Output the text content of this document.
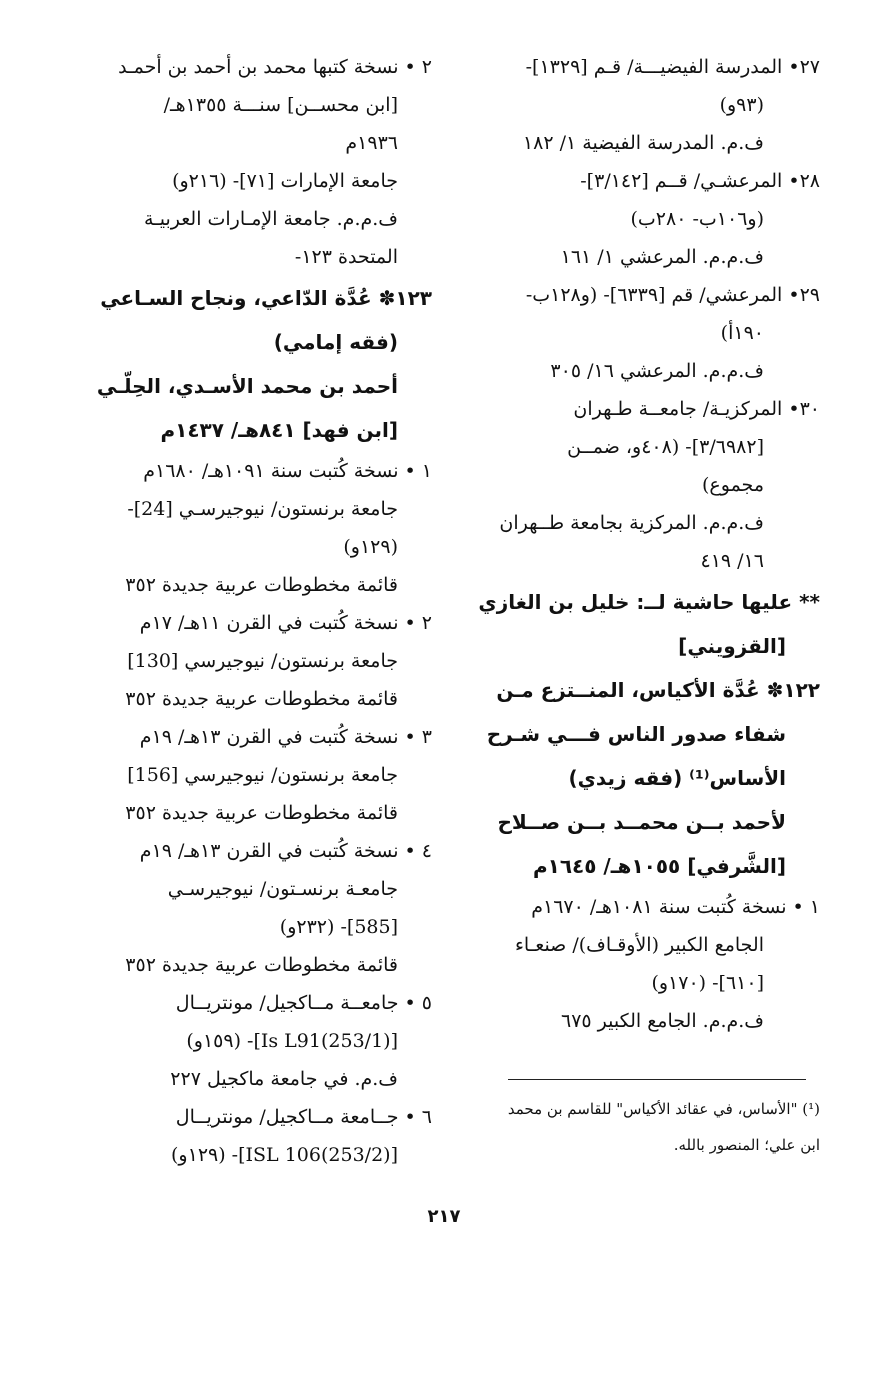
٢٧• المدرسة الفيضيـــة/ قـم [١٣٢٩]-
(٩٣و)
ف.م. المدرسة الفيضية ١/ ١٨٢
٢٨• المرعشـي/ قــم [٣/١٤٢]-
(و١٠٦ب- ٢٨٠ب)
ف.م.م. المرعشي ١/ ١٦١
٢٩• المرعشي/ قم [٦٣٣٩]- (و١٢٨ب-
١٩٠أ)
ف.م.م. المرعشي ١٦/ ٣٠٥
٣٠• المركزيـة/ جامعــة طـهران
[٣/٦٩٨٢]- (٤٠٨و، ضمــن
مجموع)
ف.م.م. المركزية بجامعة طــهران
١٦/ ٤١٩
** عليها حاشية لــ: خليل بن الغازي
[القزويني]
١٢٢✽ عُدَّة الأكياس، المنــتزع مـن
شفاء صدور الناس فـــي شـرح
الأساس⁽¹⁾ (فقه زيدي)
لأحمد بــن محمــد بــن صــلاح
[الشَّرفي] ١٠٥٥هـ/ ١٦٤٥م
١ • نسخة كُتبت سنة ١٠٨١هـ/ ١٦٧٠م
الجامع الكبير (الأوقـاف)/ صنعـاء
[٦١٠]- (١٧٠و)
ف.م.م. الجامع الكبير ٦٧٥
٢ • نسخة كتبها محمد بن أحمد بن أحمـد
[ابن محســن] سنـــة ١٣٥٥هـ/
١٩٣٦م
جامعة الإمارات [٧١]- (٢١٦و)
ف.م.م. جامعة الإمـارات العربيـة
المتحدة ١٢٣-
١٢٣✽ عُدَّة الدّاعي، ونجاح السـاعي
(فقه إمامي)
أحمد بن محمد الأسـدي، الحِلّـي
[ابن فهد] ٨٤١هـ/ ١٤٣٧م
١ • نسخة كُتبت سنة ١٠٩١هـ/ ١٦٨٠م
جامعة برنستون/ نيوجيرسـي [24]-
(١٢٩و)
قائمة مخطوطات عربية جديدة ٣٥٢
٢ • نسخة كُتبت في القرن ١١هـ/ ١٧م
جامعة برنستون/ نيوجيرسي [130]
قائمة مخطوطات عربية جديدة ٣٥٢
٣ • نسخة كُتبت في القرن ١٣هـ/ ١٩م
جامعة برنستون/ نيوجيرسي [156]
قائمة مخطوطات عربية جديدة ٣٥٢
٤ • نسخة كُتبت في القرن ١٣هـ/ ١٩م
جامعـة برنسـتون/ نيوجيرسـي
[585]- (٢٣٢و)
قائمة مخطوطات عربية جديدة ٣٥٢
٥ • جامعــة مــاكجيل/ مونتريــال
[(253/1)Is L91]- (١٥٩و)
ف.م. في جامعة ماكجيل ٢٢٧
٦ • جــامعة مــاكجيل/ مونتريــال
[(253/2)ISL 106]- (١٢٩و)
(¹) "الأساس، في عقائد الأكياس" للقاسم بن محمد
ابن علي؛ المنصور بالله.
٢١٧
